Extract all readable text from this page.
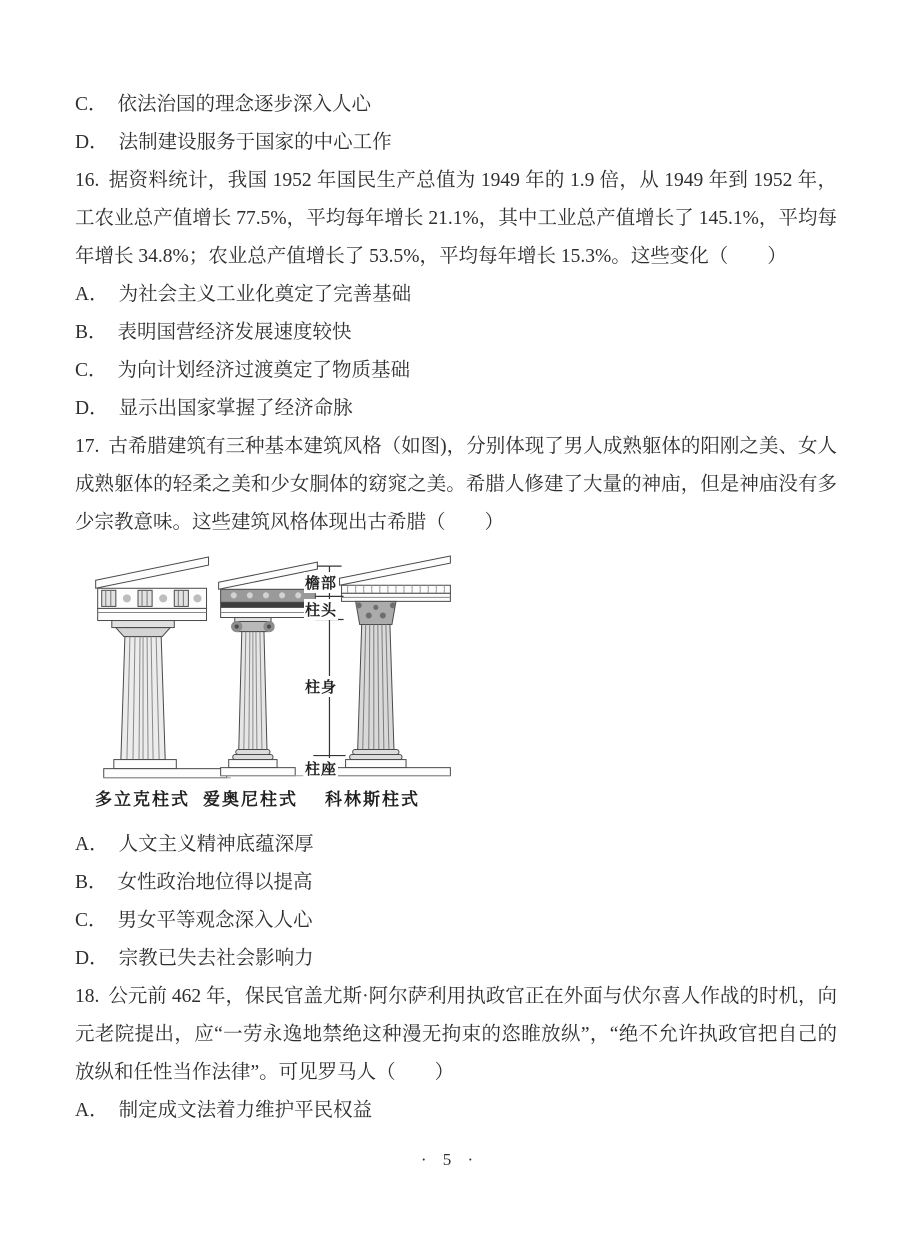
C． 依法治国的理念逐步深入人心

D． 法制建设服务于国家的中心工作

16. 据资料统计，我国 1952 年国民生产总值为 1949 年的 1.9 倍，从 1949 年到 1952 年，工农业总产值增长 77.5%，平均每年增长 21.1%，其中工业总产值增长了 145.1%，平均每年增长 34.8%；农业总产值增长了 53.5%，平均每年增长 15.3%。这些变化（　　）

A． 为社会主义工业化奠定了完善基础

B． 表明国营经济发展速度较快

C． 为向计划经济过渡奠定了物质基础

D． 显示出国家掌握了经济命脉

17. 古希腊建筑有三种基本建筑风格（如图)，分别体现了男人成熟躯体的阳刚之美、女人成熟躯体的轻柔之美和少女胴体的窈窕之美。希腊人修建了大量的神庙，但是神庙没有多少宗教意味。这些建筑风格体现出古希腊（　　）

檐部
柱头
柱身
柱座
多立克柱式 爱奥尼柱式 科林斯柱式

A． 人文主义精神底蕴深厚

B． 女性政治地位得以提高

C． 男女平等观念深入人心

D． 宗教已失去社会影响力

18. 公元前 462 年，保民官盖尤斯·阿尔萨利用执政官正在外面与伏尔喜人作战的时机，向元老院提出，应“一劳永逸地禁绝这种漫无拘束的恣睢放纵”，“绝不允许执政官把自己的放纵和任性当作法律”。可见罗马人（　　）

A． 制定成文法着力维护平民权益

· 5 ·
